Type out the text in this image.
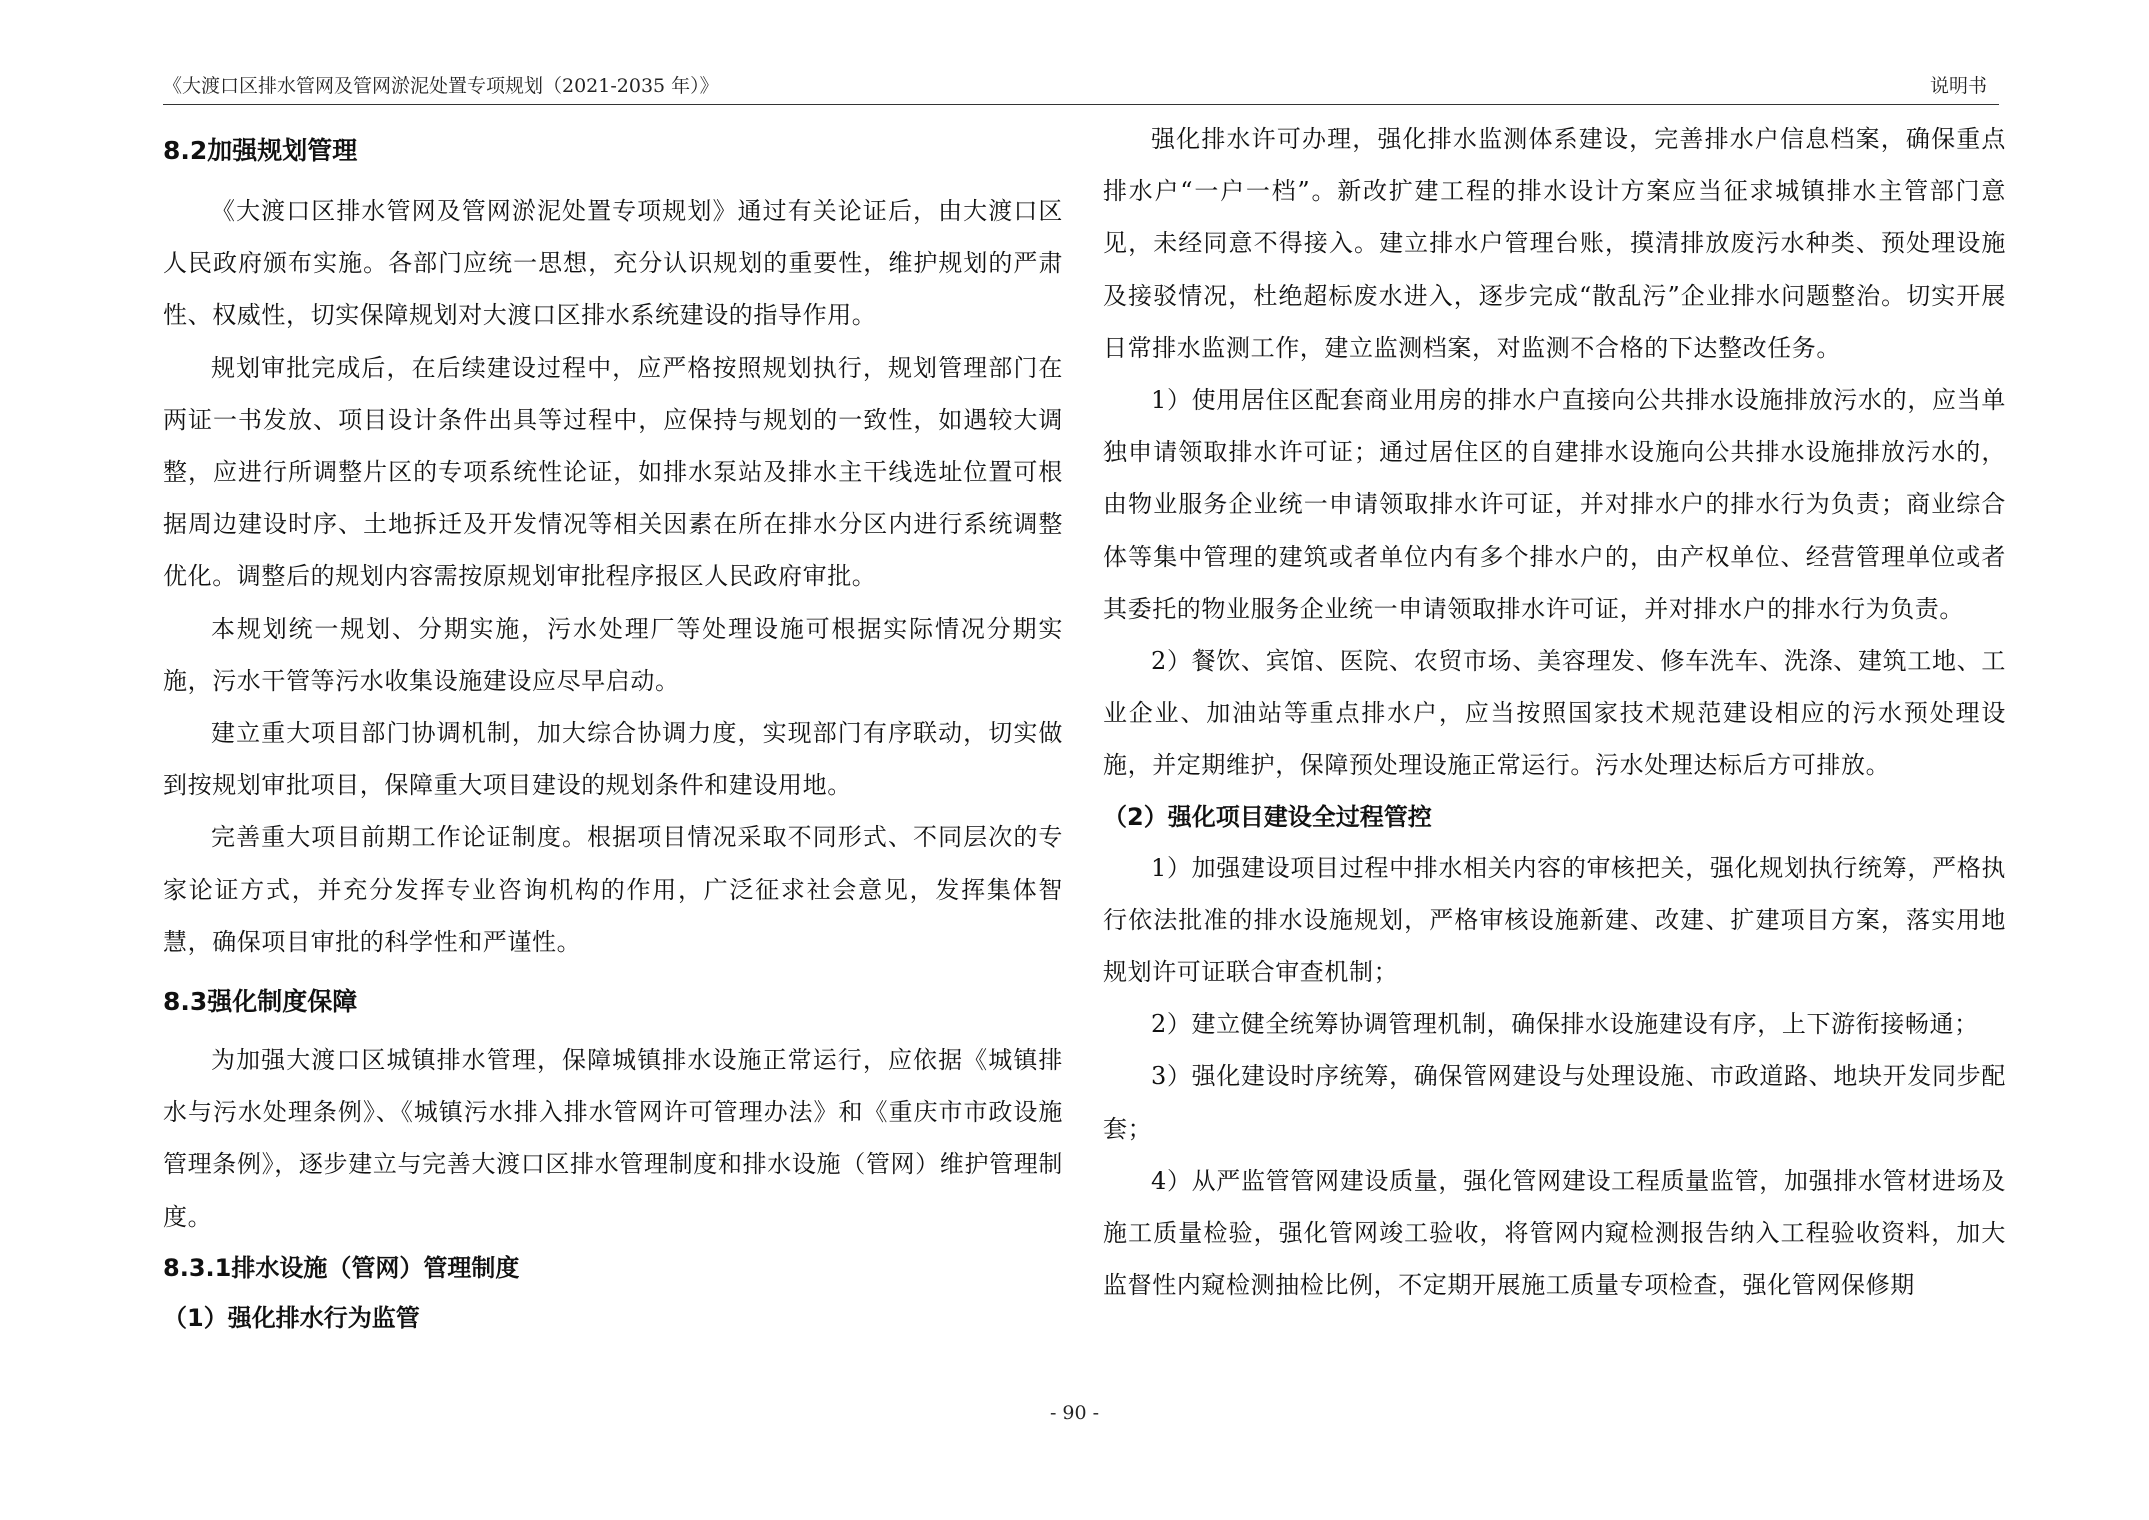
《大渡口区排水管网及管网淤泥处置专项规划（2021-2035 年）》	说明书
8.2加强规划管理

《大渡口区排水管网及管网淤泥处置专项规划》通过有关论证后，由大渡口区人民政府颁布实施。各部门应统一思想，充分认识规划的重要性，维护规划的严肃性、权威性，切实保障规划对大渡口区排水系统建设的指导作用。

规划审批完成后，在后续建设过程中，应严格按照规划执行，规划管理部门在两证一书发放、项目设计条件出具等过程中，应保持与规划的一致性，如遇较大调整，应进行所调整片区的专项系统性论证，如排水泵站及排水主干线选址位置可根据周边建设时序、土地拆迁及开发情况等相关因素在所在排水分区内进行系统调整优化。调整后的规划内容需按原规划审批程序报区人民政府审批。

本规划统一规划、分期实施，污水处理厂等处理设施可根据实际情况分期实施，污水干管等污水收集设施建设应尽早启动。

建立重大项目部门协调机制，加大综合协调力度，实现部门有序联动，切实做到按规划审批项目，保障重大项目建设的规划条件和建设用地。

完善重大项目前期工作论证制度。根据项目情况采取不同形式、不同层次的专家论证方式，并充分发挥专业咨询机构的作用，广泛征求社会意见，发挥集体智慧，确保项目审批的科学性和严谨性。

8.3强化制度保障

为加强大渡口区城镇排水管理，保障城镇排水设施正常运行，应依据《城镇排水与污水处理条例》、《城镇污水排入排水管网许可管理办法》和《重庆市市政设施管理条例》，逐步建立与完善大渡口区排水管理制度和排水设施（管网）维护管理制度。

8.3.1排水设施（管网）管理制度
（1）强化排水行为监管

强化排水许可办理，强化排水监测体系建设，完善排水户信息档案，确保重点排水户“一户一档”。新改扩建工程的排水设计方案应当征求城镇排水主管部门意见，未经同意不得接入。建立排水户管理台账，摸清排放废污水种类、预处理设施及接驳情况，杜绝超标废水进入，逐步完成“散乱污”企业排水问题整治。切实开展日常排水监测工作，建立监测档案，对监测不合格的下达整改任务。

1）使用居住区配套商业用房的排水户直接向公共排水设施排放污水的，应当单独申请领取排水许可证；通过居住区的自建排水设施向公共排水设施排放污水的，由物业服务企业统一申请领取排水许可证，并对排水户的排水行为负责；商业综合体等集中管理的建筑或者单位内有多个排水户的，由产权单位、经营管理单位或者其委托的物业服务企业统一申请领取排水许可证，并对排水户的排水行为负责。

2）餐饮、宾馆、医院、农贸市场、美容理发、修车洗车、洗涤、建筑工地、工业企业、加油站等重点排水户，应当按照国家技术规范建设相应的污水预处理设施，并定期维护，保障预处理设施正常运行。污水处理达标后方可排放。

（2）强化项目建设全过程管控

1）加强建设项目过程中排水相关内容的审核把关，强化规划执行统筹，严格执行依法批准的排水设施规划，严格审核设施新建、改建、扩建项目方案，落实用地规划许可证联合审查机制；

2）建立健全统筹协调管理机制，确保排水设施建设有序，上下游衔接畅通；

3）强化建设时序统筹，确保管网建设与处理设施、市政道路、地块开发同步配套；

4）从严监管管网建设质量，强化管网建设工程质量监管，加强排水管材进场及施工质量检验，强化管网竣工验收，将管网内窥检测报告纳入工程验收资料，加大监督性内窥检测抽检比例，不定期开展施工质量专项检查，强化管网保修期

- 90 -
